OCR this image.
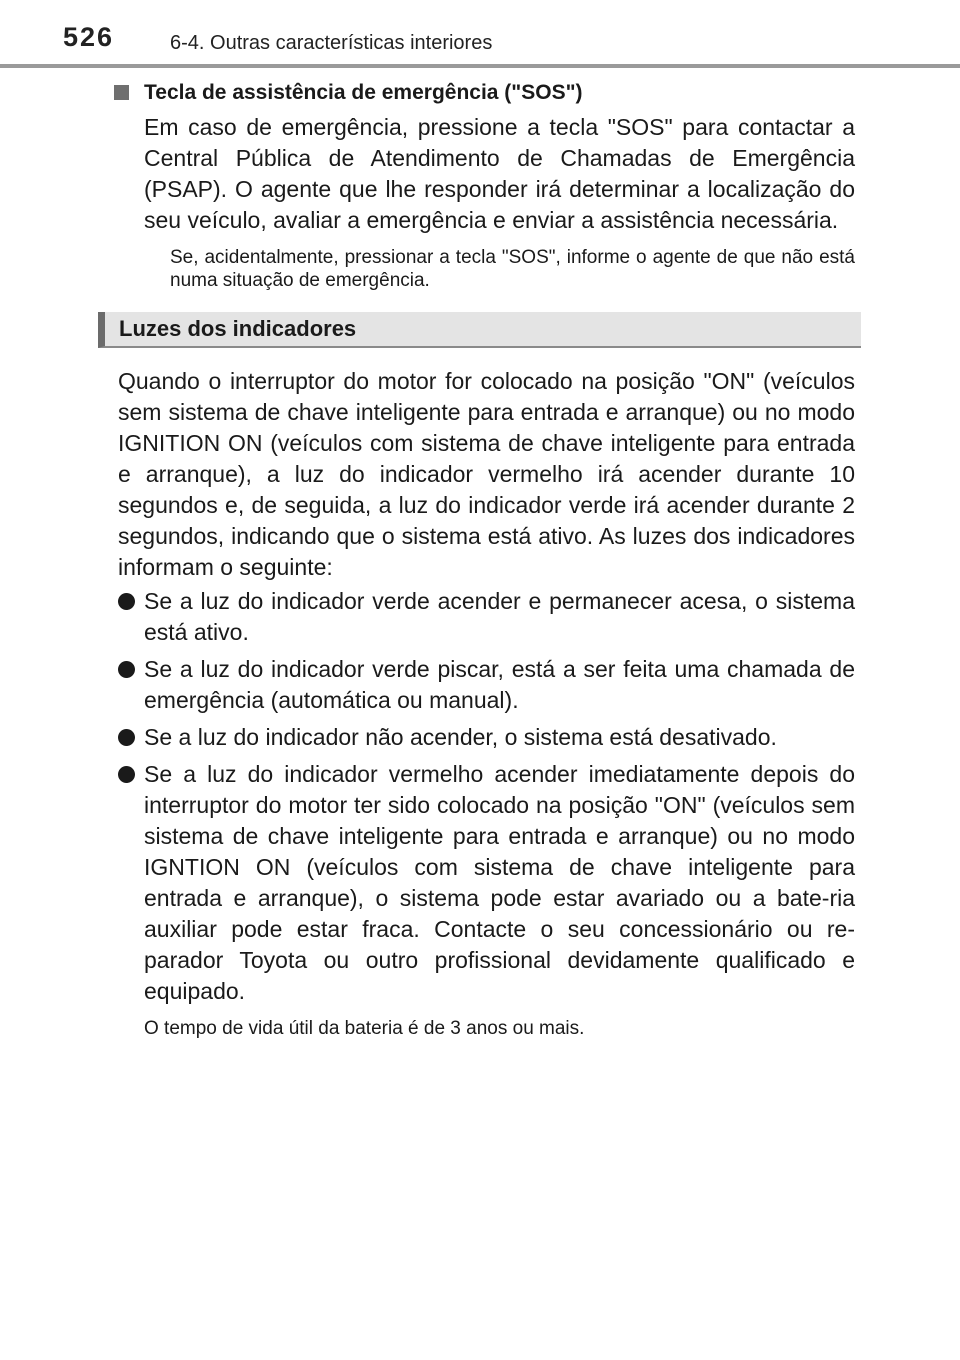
526	6-4. Outras características interiores
Tecla de assistência de emergência ("SOS")

Em caso de emergência, pressione a tecla "SOS" para contactar a Central Pública de Atendimento de Chamadas de Emergência (PSAP). O agente que lhe responder irá determinar a localização do seu veículo, avaliar a emergência e enviar a assistência necessária.

Se, acidentalmente, pressionar a tecla "SOS", informe o agente de que não está numa situação de emergência.

Luzes dos indicadores

Quando o interruptor do motor for colocado na posição "ON" (veículos sem sistema de chave inteligente para entrada e arranque) ou no modo IGNITION ON (veículos com sistema de chave inteligente para entrada e arranque), a luz do indicador vermelho irá acender durante 10 segundos e, de seguida, a luz do indicador verde irá acender durante 2 segundos, indicando que o sistema está ativo. As luzes dos indicadores informam o seguinte:

Se a luz do indicador verde acender e permanecer acesa, o sistema está ativo.

Se a luz do indicador verde piscar, está a ser feita uma chamada de emergência (automática ou manual).

Se a luz do indicador não acender, o sistema está desativado.

Se a luz do indicador vermelho acender imediatamente depois do interruptor do motor ter sido colocado na posição "ON" (veículos sem sistema de chave inteligente para entrada e arranque) ou no modo IGNTION ON (veículos com sistema de chave inteligente para entrada e arranque), o sistema pode estar avariado ou a bate-ria auxiliar pode estar fraca. Contacte o seu concessionário ou re-parador Toyota ou outro profissional devidamente qualificado e equipado.

O tempo de vida útil da bateria é de 3 anos ou mais.
